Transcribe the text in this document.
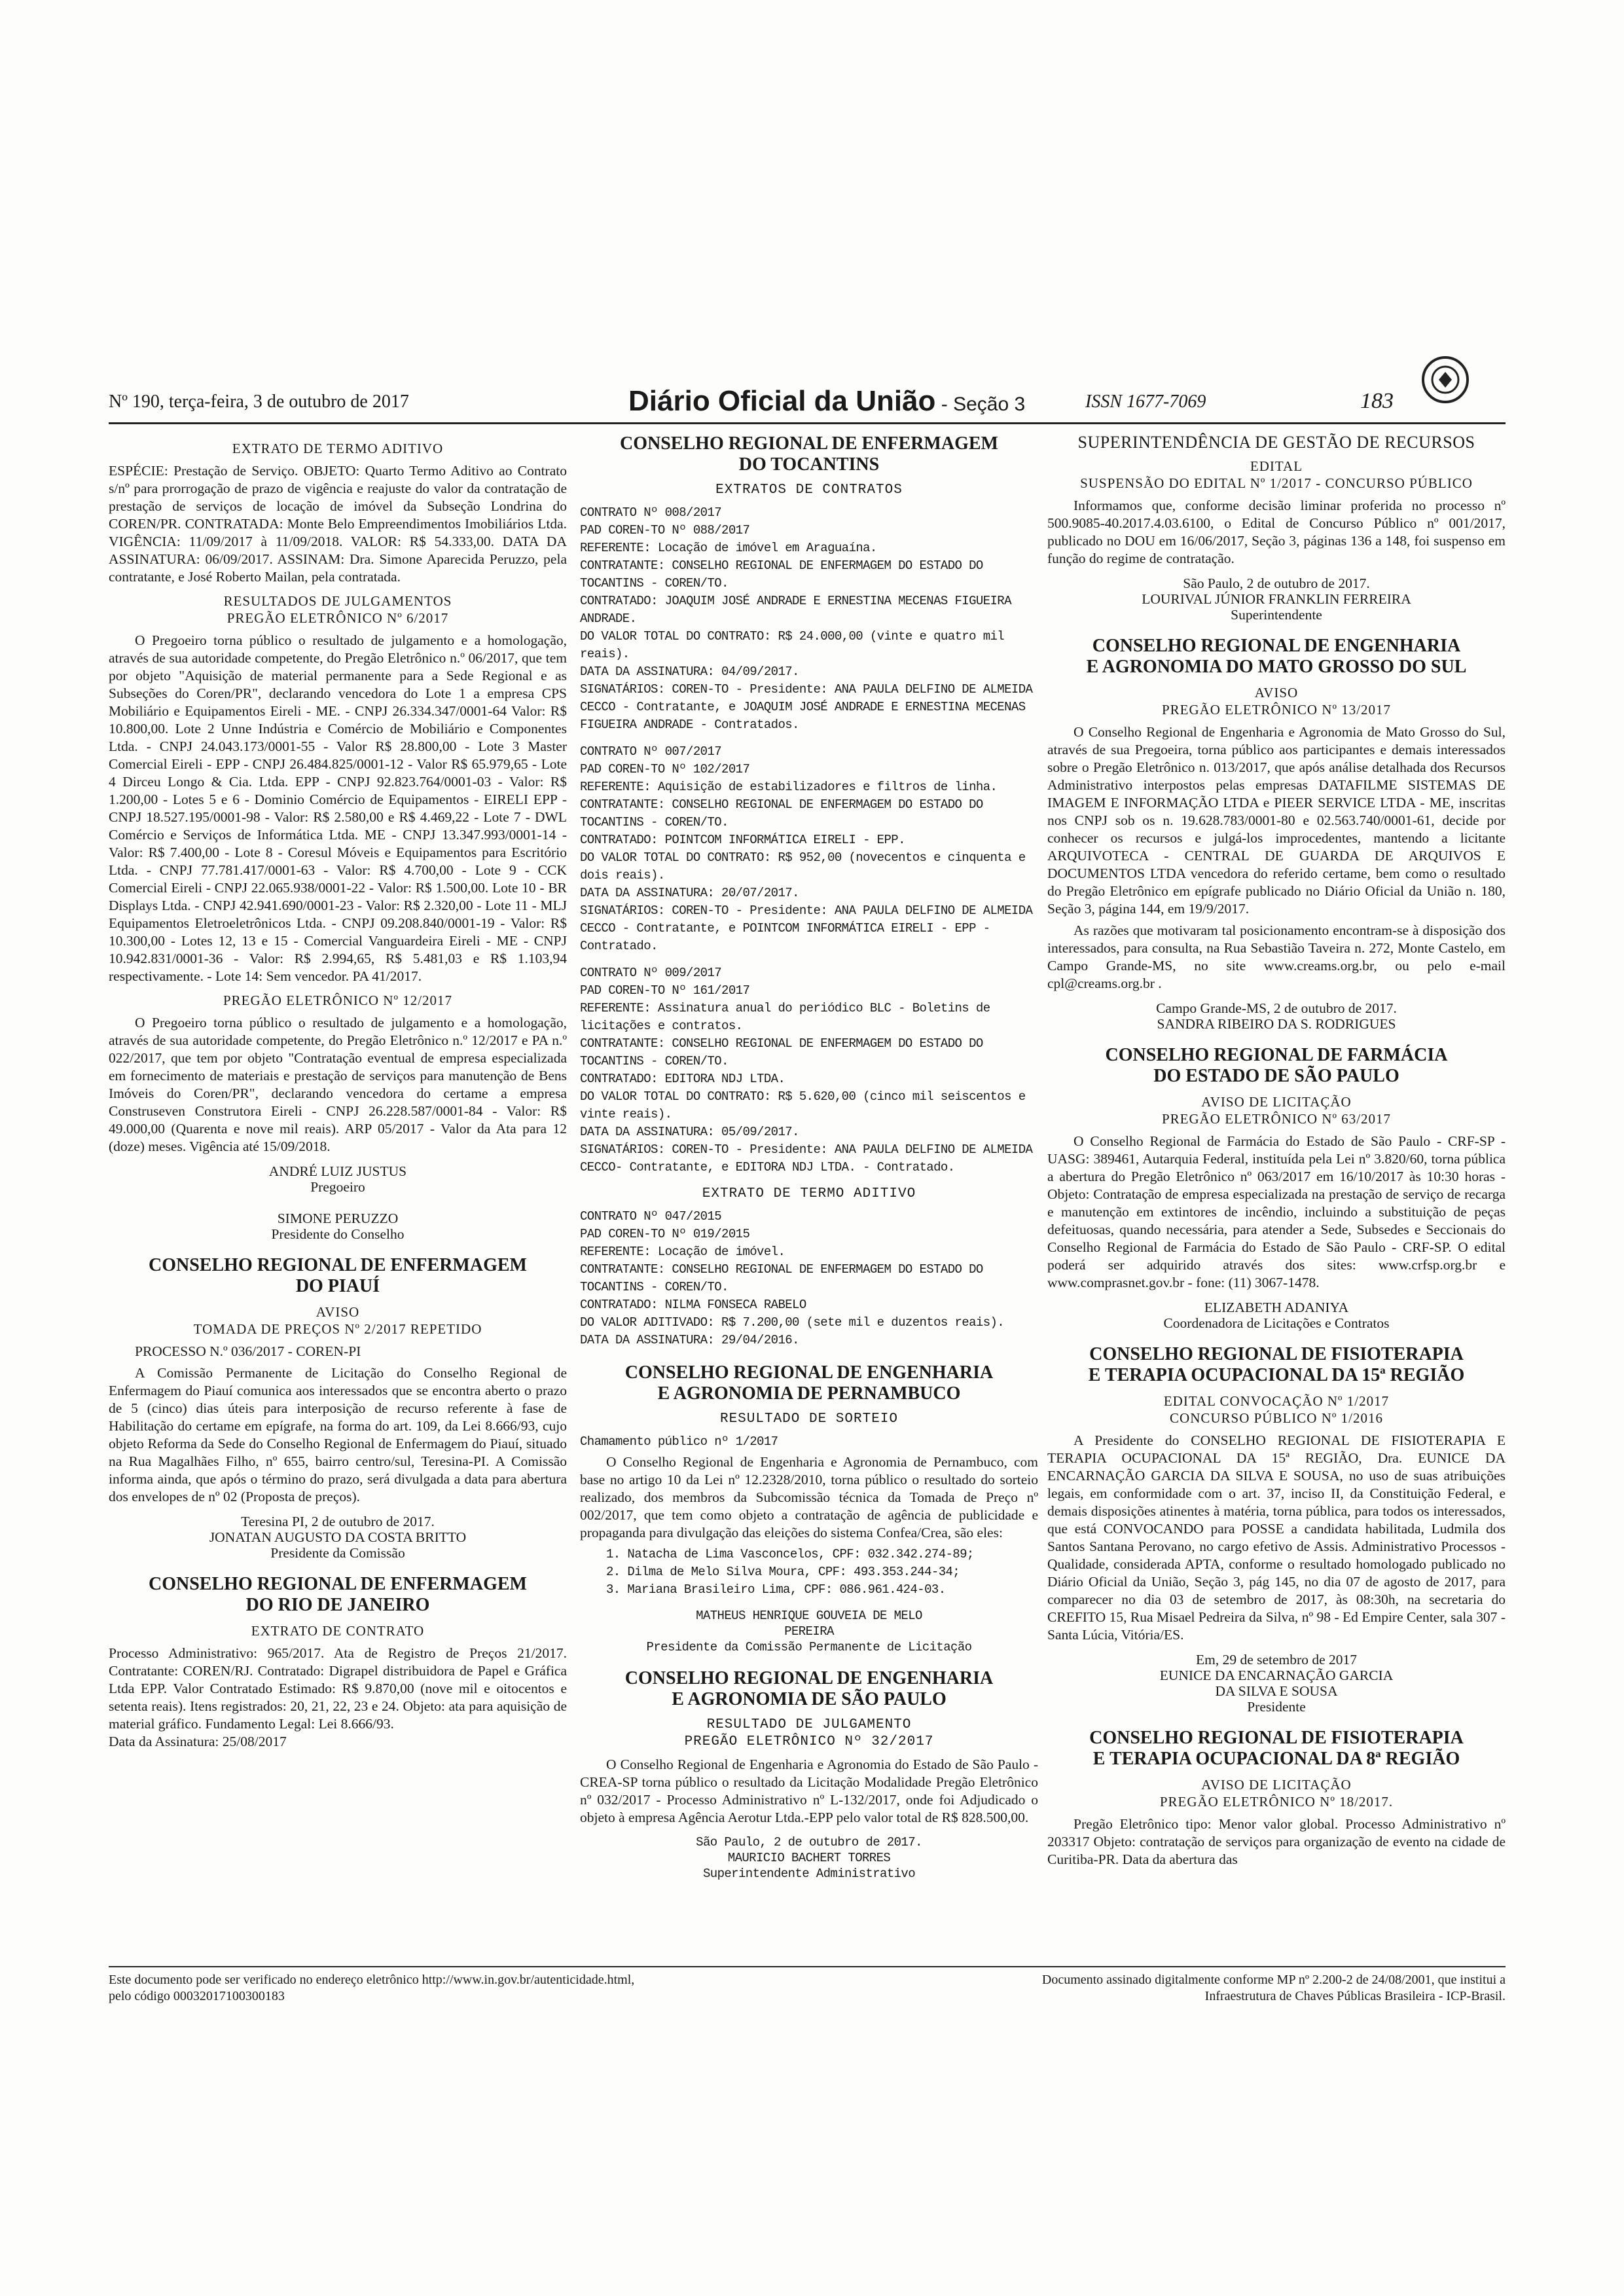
Nº 190, terça-feira, 3 de outubro de 2017	Diário Oficial da União - Seção 3	ISSN 1677-7069	183
EXTRATO DE TERMO ADITIVO
ESPÉCIE: Prestação de Serviço. OBJETO: Quarto Termo Aditivo ao Contrato s/nº para prorrogação de prazo de vigência e reajuste do valor da contratação de prestação de serviços de locação de imóvel da Subseção Londrina do COREN/PR. CONTRATADA: Monte Belo Empreendimentos Imobiliários Ltda. VIGÊNCIA: 11/09/2017 à 11/09/2018. VALOR: R$ 54.333,00. DATA DA ASSINATURA: 06/09/2017. ASSINAM: Dra. Simone Aparecida Peruzzo, pela contratante, e José Roberto Mailan, pela contratada.
RESULTADOS DE JULGAMENTOS
PREGÃO ELETRÔNICO Nº 6/2017
O Pregoeiro torna público o resultado de julgamento e a homologação, através de sua autoridade competente, do Pregão Eletrônico n.º 06/2017, que tem por objeto "Aquisição de material permanente para a Sede Regional e as Subseções do Coren/PR", declarando vencedora do Lote 1 a empresa CPS Mobiliário e Equipamentos Eireli - ME. - CNPJ 26.334.347/0001-64 Valor: R$ 10.800,00. Lote 2 Unne Indústria e Comércio de Mobiliário e Componentes Ltda. - CNPJ 24.043.173/0001-55 - Valor R$ 28.800,00 - Lote 3 Master Comercial Eireli - EPP - CNPJ 26.484.825/0001-12 - Valor R$ 65.979,65 - Lote 4 Dirceu Longo & Cia. Ltda. EPP - CNPJ 92.823.764/0001-03 - Valor: R$ 1.200,00 - Lotes 5 e 6 - Dominio Comércio de Equipamentos - EIRELI EPP - CNPJ 18.527.195/0001-98 - Valor: R$ 2.580,00 e R$ 4.469,22 - Lote 7 - DWL Comércio e Serviços de Informática Ltda. ME - CNPJ 13.347.993/0001-14 - Valor: R$ 7.400,00 - Lote 8 - Coresul Móveis e Equipamentos para Escritório Ltda. - CNPJ 77.781.417/0001-63 - Valor: R$ 4.700,00 - Lote 9 - CCK Comercial Eireli - CNPJ 22.065.938/0001-22 - Valor: R$ 1.500,00. Lote 10 - BR Displays Ltda. - CNPJ 42.941.690/0001-23 - Valor: R$ 2.320,00 - Lote 11 - MLJ Equipamentos Eletroeletrônicos Ltda. - CNPJ 09.208.840/0001-19 - Valor: R$ 10.300,00 - Lotes 12, 13 e 15 - Comercial Vanguardeira Eireli - ME - CNPJ 10.942.831/0001-36 - Valor: R$ 2.994,65, R$ 5.481,03 e R$ 1.103,94 respectivamente. - Lote 14: Sem vencedor. PA 41/2017.
PREGÃO ELETRÔNICO Nº 12/2017
O Pregoeiro torna público o resultado de julgamento e a homologação, através de sua autoridade competente, do Pregão Eletrônico n.º 12/2017 e PA n.º 022/2017, que tem por objeto "Contratação eventual de empresa especializada em fornecimento de materiais e prestação de serviços para manutenção de Bens Imóveis do Coren/PR", declarando vencedora do certame a empresa Construseven Construtora Eireli - CNPJ 26.228.587/0001-84 - Valor: R$ 49.000,00 (Quarenta e nove mil reais). ARP 05/2017 - Valor da Ata para 12 (doze) meses. Vigência até 15/09/2018.
ANDRÉ LUIZ JUSTUS
Pregoeiro

SIMONE PERUZZO
Presidente do Conselho
CONSELHO REGIONAL DE ENFERMAGEM
DO PIAUÍ
AVISO
TOMADA DE PREÇOS Nº 2/2017 REPETIDO
PROCESSO N.º 036/2017 - COREN-PI
A Comissão Permanente de Licitação do Conselho Regional de Enfermagem do Piauí comunica aos interessados que se encontra aberto o prazo de 5 (cinco) dias úteis para interposição de recurso referente à fase de Habilitação do certame em epígrafe, na forma do art. 109, da Lei 8.666/93, cujo objeto Reforma da Sede do Conselho Regional de Enfermagem do Piauí, situado na Rua Magalhães Filho, nº 655, bairro centro/sul, Teresina-PI. A Comissão informa ainda, que após o término do prazo, será divulgada a data para abertura dos envelopes de nº 02 (Proposta de preços).
Teresina PI, 2 de outubro de 2017.
JONATAN AUGUSTO DA COSTA BRITTO
Presidente da Comissão
CONSELHO REGIONAL DE ENFERMAGEM
DO RIO DE JANEIRO
EXTRATO DE CONTRATO
Processo Administrativo: 965/2017. Ata de Registro de Preços 21/2017. Contratante: COREN/RJ. Contratado: Digrapel distribuidora de Papel e Gráfica Ltda EPP. Valor Contratado Estimado: R$ 9.870,00 (nove mil e oitocentos e setenta reais). Itens registrados: 20, 21, 22, 23 e 24. Objeto: ata para aquisição de material gráfico. Fundamento Legal: Lei 8.666/93.
Data da Assinatura: 25/08/2017
CONSELHO REGIONAL DE ENFERMAGEM
DO TOCANTINS
EXTRATOS DE CONTRATOS
CONTRATO Nº 008/2017
PAD COREN-TO Nº 088/2017
REFERENTE: Locação de imóvel em Araguaína.
CONTRATANTE: CONSELHO REGIONAL DE ENFERMAGEM DO ESTADO DO TOCANTINS - COREN/TO.
CONTRATADO: JOAQUIM JOSÉ ANDRADE E ERNESTINA MECENAS FIGUEIRA ANDRADE.
DO VALOR TOTAL DO CONTRATO: R$ 24.000,00 (vinte e quatro mil reais).
DATA DA ASSINATURA: 04/09/2017.
SIGNATÁRIOS: COREN-TO - Presidente: ANA PAULA DELFINO DE ALMEIDA CECCO - Contratante, e JOAQUIM JOSÉ ANDRADE E ERNESTINA MECENAS FIGUEIRA ANDRADE - Contratados.
CONTRATO Nº 007/2017
PAD COREN-TO Nº 102/2017
REFERENTE: Aquisição de estabilizadores e filtros de linha.
CONTRATANTE: CONSELHO REGIONAL DE ENFERMAGEM DO ESTADO DO TOCANTINS - COREN/TO.
CONTRATADO: POINTCOM INFORMÁTICA EIRELI - EPP.
DO VALOR TOTAL DO CONTRATO: R$ 952,00 (novecentos e cinquenta e dois reais).
DATA DA ASSINATURA: 20/07/2017.
SIGNATÁRIOS: COREN-TO - Presidente: ANA PAULA DELFINO DE ALMEIDA CECCO - Contratante, e POINTCOM INFORMÁTICA EIRELI - EPP - Contratado.
CONTRATO Nº 009/2017
PAD COREN-TO Nº 161/2017
REFERENTE: Assinatura anual do periódico BLC - Boletins de licitações e contratos.
CONTRATANTE: CONSELHO REGIONAL DE ENFERMAGEM DO ESTADO DO TOCANTINS - COREN/TO.
CONTRATADO: EDITORA NDJ LTDA.
DO VALOR TOTAL DO CONTRATO: R$ 5.620,00 (cinco mil seiscentos e vinte reais).
DATA DA ASSINATURA: 05/09/2017.
SIGNATÁRIOS: COREN-TO - Presidente: ANA PAULA DELFINO DE ALMEIDA CECCO- Contratante, e EDITORA NDJ LTDA. - Contratado.
EXTRATO DE TERMO ADITIVO
CONTRATO Nº 047/2015
PAD COREN-TO Nº 019/2015
REFERENTE: Locação de imóvel.
CONTRATANTE: CONSELHO REGIONAL DE ENFERMAGEM DO ESTADO DO TOCANTINS - COREN/TO.
CONTRATADO: NILMA FONSECA RABELO
DO VALOR ADITIVADO: R$ 7.200,00 (sete mil e duzentos reais).
DATA DA ASSINATURA: 29/04/2016.
CONSELHO REGIONAL DE ENGENHARIA
E AGRONOMIA DE PERNAMBUCO
RESULTADO DE SORTEIO
Chamamento público nº 1/2017
O Conselho Regional de Engenharia e Agronomia de Pernambuco, com base no artigo 10 da Lei nº 12.2328/2010, torna público o resultado do sorteio realizado, dos membros da Subcomissão técnica da Tomada de Preço nº 002/2017, que tem como objeto a contratação de agência de publicidade e propaganda para divulgação das eleições do sistema Confea/Crea, são eles:
1. Natacha de Lima Vasconcelos, CPF: 032.342.274-89;
2. Dilma de Melo Silva Moura, CPF: 493.353.244-34;
3. Mariana Brasileiro Lima, CPF: 086.961.424-03.
MATHEUS HENRIQUE GOUVEIA DE MELO
PEREIRA
Presidente da Comissão Permanente de Licitação
CONSELHO REGIONAL DE ENGENHARIA
E AGRONOMIA DE SÃO PAULO
RESULTADO DE JULGAMENTO
PREGÃO ELETRÔNICO Nº 32/2017
O Conselho Regional de Engenharia e Agronomia do Estado de São Paulo - CREA-SP torna público o resultado da Licitação Modalidade Pregão Eletrônico nº 032/2017 - Processo Administrativo nº L-132/2017, onde foi Adjudicado o objeto à empresa Agência Aerotur Ltda.-EPP pelo valor total de R$ 828.500,00.
São Paulo, 2 de outubro de 2017.
MAURICIO BACHERT TORRES
Superintendente Administrativo
SUPERINTENDÊNCIA DE GESTÃO DE RECURSOS
EDITAL
SUSPENSÃO DO EDITAL Nº 1/2017 - CONCURSO PÚBLICO
Informamos que, conforme decisão liminar proferida no processo nº 500.9085-40.2017.4.03.6100, o Edital de Concurso Público nº 001/2017, publicado no DOU em 16/06/2017, Seção 3, páginas 136 a 148, foi suspenso em função do regime de contratação.
São Paulo, 2 de outubro de 2017.
LOURIVAL JÚNIOR FRANKLIN FERREIRA
Superintendente
CONSELHO REGIONAL DE ENGENHARIA
E AGRONOMIA DO MATO GROSSO DO SUL
AVISO
PREGÃO ELETRÔNICO Nº 13/2017
O Conselho Regional de Engenharia e Agronomia de Mato Grosso do Sul, através de sua Pregoeira, torna público aos participantes e demais interessados sobre o Pregão Eletrônico n. 013/2017, que após análise detalhada dos Recursos Administrativo interpostos pelas empresas DATAFILME SISTEMAS DE IMAGEM E INFORMAÇÃO LTDA e PIEER SERVICE LTDA - ME, inscritas nos CNPJ sob os n. 19.628.783/0001-80 e 02.563.740/0001-61, decide por conhecer os recursos e julgá-los improcedentes, mantendo a licitante ARQUIVOTECA - CENTRAL DE GUARDA DE ARQUIVOS E DOCUMENTOS LTDA vencedora do referido certame, bem como o resultado do Pregão Eletrônico em epígrafe publicado no Diário Oficial da União n. 180, Seção 3, página 144, em 19/9/2017.
As razões que motivaram tal posicionamento encontram-se à disposição dos interessados, para consulta, na Rua Sebastião Taveira n. 272, Monte Castelo, em Campo Grande-MS, no site www.creams.org.br, ou pelo e-mail cpl@creams.org.br .
Campo Grande-MS, 2 de outubro de 2017.
SANDRA RIBEIRO DA S. RODRIGUES
CONSELHO REGIONAL DE FARMÁCIA
DO ESTADO DE SÃO PAULO
AVISO DE LICITAÇÃO
PREGÃO ELETRÔNICO Nº 63/2017
O Conselho Regional de Farmácia do Estado de São Paulo - CRF-SP - UASG: 389461, Autarquia Federal, instituída pela Lei nº 3.820/60, torna pública a abertura do Pregão Eletrônico nº 063/2017 em 16/10/2017 às 10:30 horas - Objeto: Contratação de empresa especializada na prestação de serviço de recarga e manutenção em extintores de incêndio, incluindo a substituição de peças defeituosas, quando necessária, para atender a Sede, Subsedes e Seccionais do Conselho Regional de Farmácia do Estado de São Paulo - CRF-SP. O edital poderá ser adquirido através dos sites: www.crfsp.org.br e www.comprasnet.gov.br - fone: (11) 3067-1478.
ELIZABETH ADANIYA
Coordenadora de Licitações e Contratos
CONSELHO REGIONAL DE FISIOTERAPIA
E TERAPIA OCUPACIONAL DA 15ª REGIÃO
EDITAL CONVOCAÇÃO Nº 1/2017
CONCURSO PÚBLICO Nº 1/2016
A Presidente do CONSELHO REGIONAL DE FISIOTERAPIA E TERAPIA OCUPACIONAL DA 15ª REGIÃO, Dra. EUNICE DA ENCARNAÇÃO GARCIA DA SILVA E SOUSA, no uso de suas atribuições legais, em conformidade com o art. 37, inciso II, da Constituição Federal, e demais disposições atinentes à matéria, torna pública, para todos os interessados, que está CONVOCANDO para POSSE a candidata habilitada, Ludmila dos Santos Santana Perovano, no cargo efetivo de Assis. Administrativo Processos - Qualidade, considerada APTA, conforme o resultado homologado publicado no Diário Oficial da União, Seção 3, pág 145, no dia 07 de agosto de 2017, para comparecer no dia 03 de setembro de 2017, às 08:30h, na secretaria do CREFITO 15, Rua Misael Pedreira da Silva, nº 98 - Ed Empire Center, sala 307 - Santa Lúcia, Vitória/ES.
Em, 29 de setembro de 2017
EUNICE DA ENCARNAÇÃO GARCIA
DA SILVA E SOUSA
Presidente
CONSELHO REGIONAL DE FISIOTERAPIA
E TERAPIA OCUPACIONAL DA 8ª REGIÃO
AVISO DE LICITAÇÃO
PREGÃO ELETRÔNICO Nº 18/2017.
Pregão Eletrônico tipo: Menor valor global. Processo Administrativo nº 203317 Objeto: contratação de serviços para organização de evento na cidade de Curitiba-PR. Data da abertura das
Este documento pode ser verificado no endereço eletrônico http://www.in.gov.br/autenticidade.html,
pelo código 00032017100300183
Documento assinado digitalmente conforme MP nº 2.200-2 de 24/08/2001, que institui a
Infraestrutura de Chaves Públicas Brasileira - ICP-Brasil.
